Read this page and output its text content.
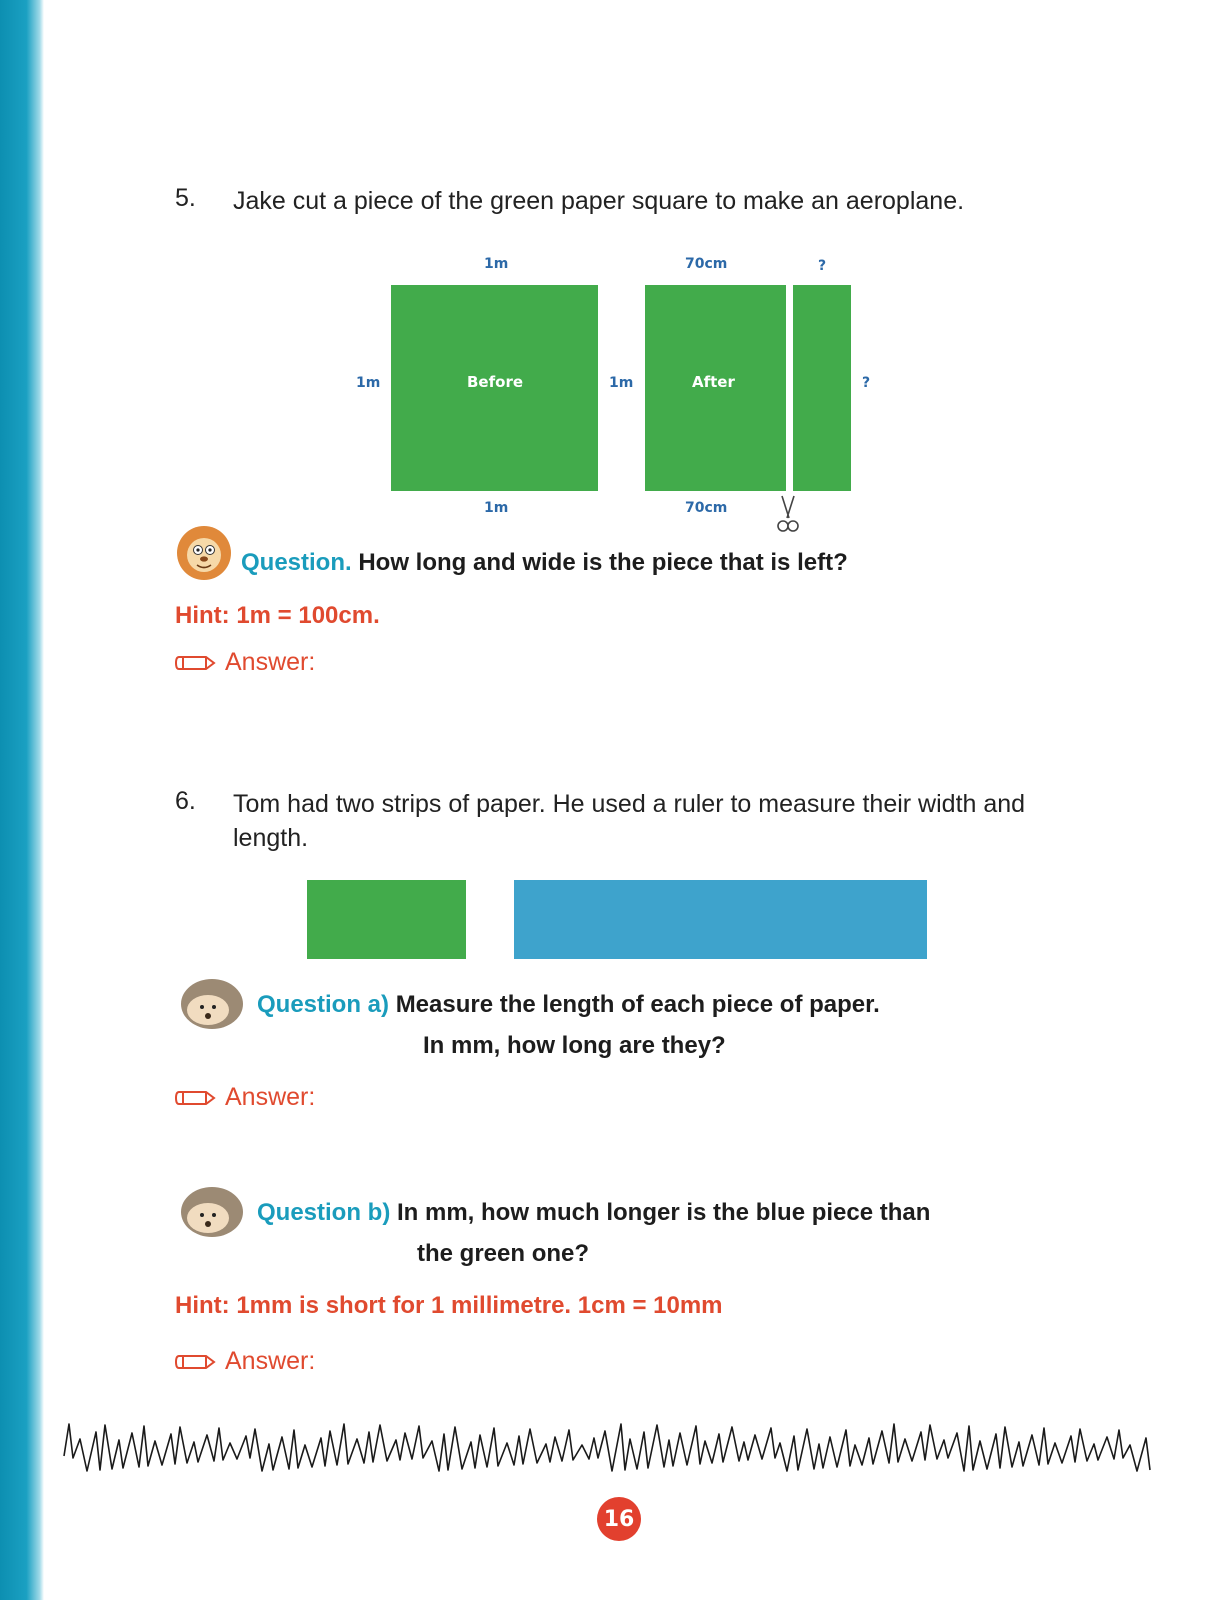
5. Jake cut a piece of the green paper square to make an aeroplane.
1m	70cm	?
1m	Before	1m	After	?
1m	70cm
Question. How long and wide is the piece that is left?
Hint: 1m = 100cm.
Answer:
6. Tom had two strips of paper. He used a ruler to measure their width and
length.
Question a) Measure the length of each piece of paper.
In mm, how long are they?
Answer:
Question b) In mm, how much longer is the blue piece than
the green one?
Hint: 1mm is short for 1 millimetre. 1cm = 10mm
Answer:
16
